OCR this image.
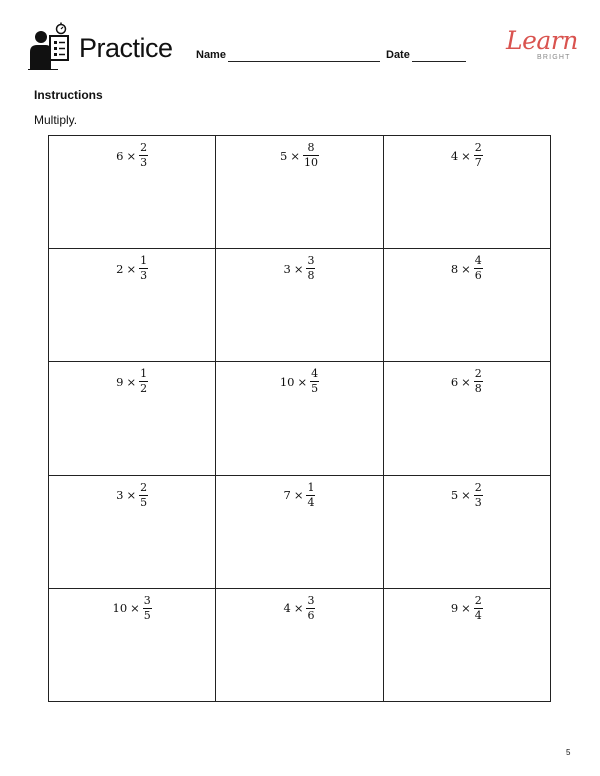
Practice Name	Date	Learn
BRIGHT
Instructions
Multiply.
$6 \times \frac{2}{3}$	$5 \times \frac{8}{10}$	$4 \times \frac{2}{7}$
$2 \times \frac{1}{3}$	$3 \times \frac{3}{8}$	$8 \times \frac{4}{6}$
$9 \times \frac{1}{2}$	$10 \times \frac{4}{5}$	$6 \times \frac{2}{8}$
$3 \times \frac{2}{5}$	$7 \times \frac{1}{4}$	$5 \times \frac{2}{3}$
$10 \times \frac{3}{5}$	$4 \times \frac{3}{6}$	$9 \times \frac{2}{4}$
5
